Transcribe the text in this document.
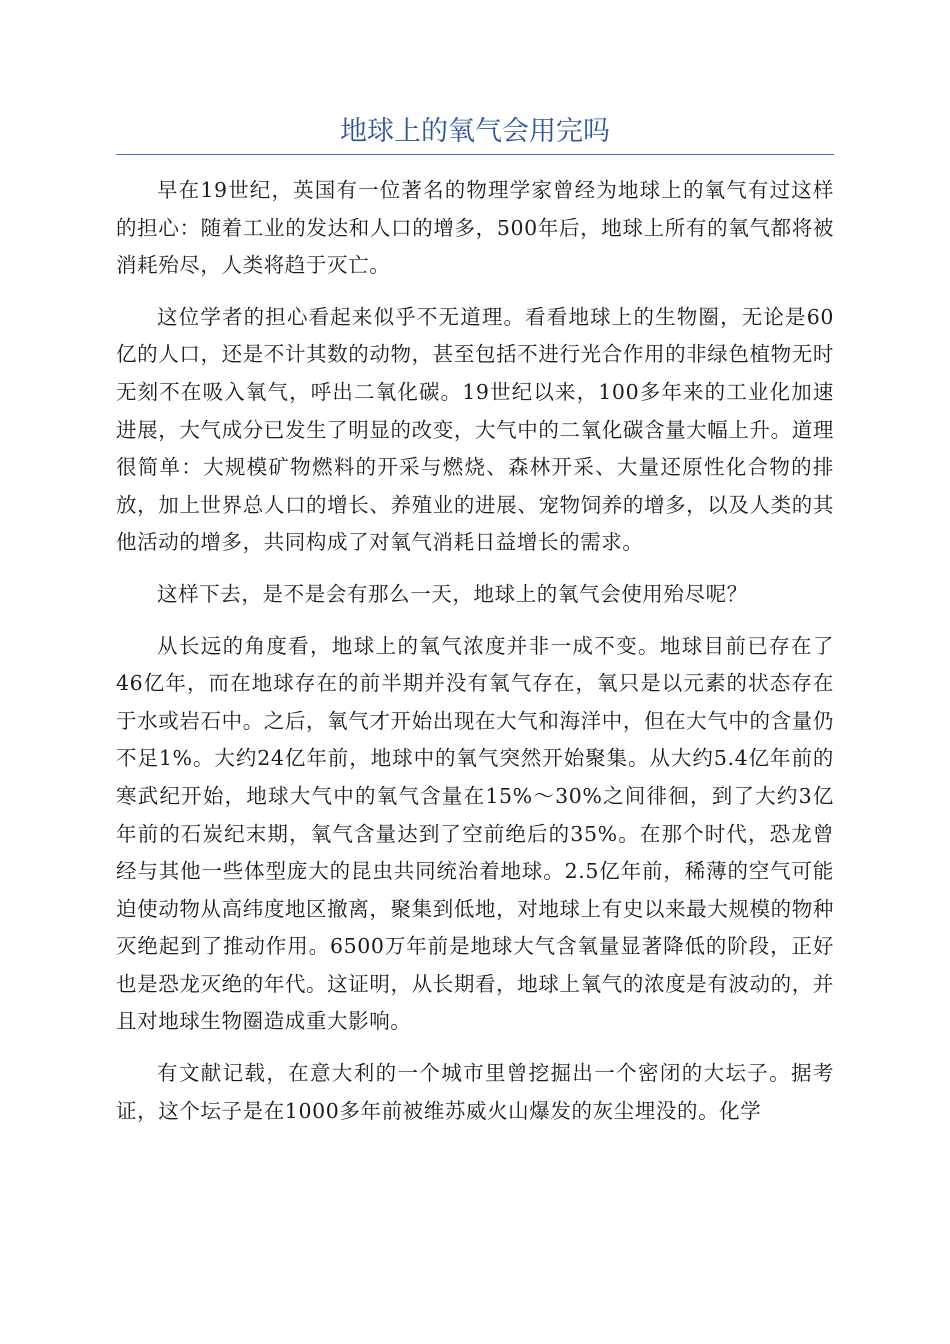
地球上的氧气会用完吗

早在19世纪，英国有一位著名的物理学家曾经为地球上的氧气有过这样的担心：随着工业的发达和人口的增多，500年后，地球上所有的氧气都将被消耗殆尽，人类将趋于灭亡。

这位学者的担心看起来似乎不无道理。看看地球上的生物圈，无论是60亿的人口，还是不计其数的动物，甚至包括不进行光合作用的非绿色植物无时无刻不在吸入氧气，呼出二氧化碳。19世纪以来，100多年来的工业化加速进展，大气成分已发生了明显的改变，大气中的二氧化碳含量大幅上升。道理很简单：大规模矿物燃料的开采与燃烧、森林开采、大量还原性化合物的排放，加上世界总人口的增长、养殖业的进展、宠物饲养的增多，以及人类的其他活动的增多，共同构成了对氧气消耗日益增长的需求。

这样下去，是不是会有那么一天，地球上的氧气会使用殆尽呢？

从长远的角度看，地球上的氧气浓度并非一成不变。地球目前已存在了46亿年，而在地球存在的前半期并没有氧气存在，氧只是以元素的状态存在于水或岩石中。之后，氧气才开始出现在大气和海洋中，但在大气中的含量仍不足1%。大约24亿年前，地球中的氧气突然开始聚集。从大约5.4亿年前的寒武纪开始，地球大气中的氧气含量在15%～30%之间徘徊，到了大约3亿年前的石炭纪末期，氧气含量达到了空前绝后的35%。在那个时代，恐龙曾经与其他一些体型庞大的昆虫共同统治着地球。2.5亿年前，稀薄的空气可能迫使动物从高纬度地区撤离，聚集到低地，对地球上有史以来最大规模的物种灭绝起到了推动作用。6500万年前是地球大气含氧量显著降低的阶段，正好也是恐龙灭绝的年代。这证明，从长期看，地球上氧气的浓度是有波动的，并且对地球生物圈造成重大影响。

有文献记载，在意大利的一个城市里曾挖掘出一个密闭的大坛子。据考证，这个坛子是在1000多年前被维苏威火山爆发的灰尘埋没的。化学
